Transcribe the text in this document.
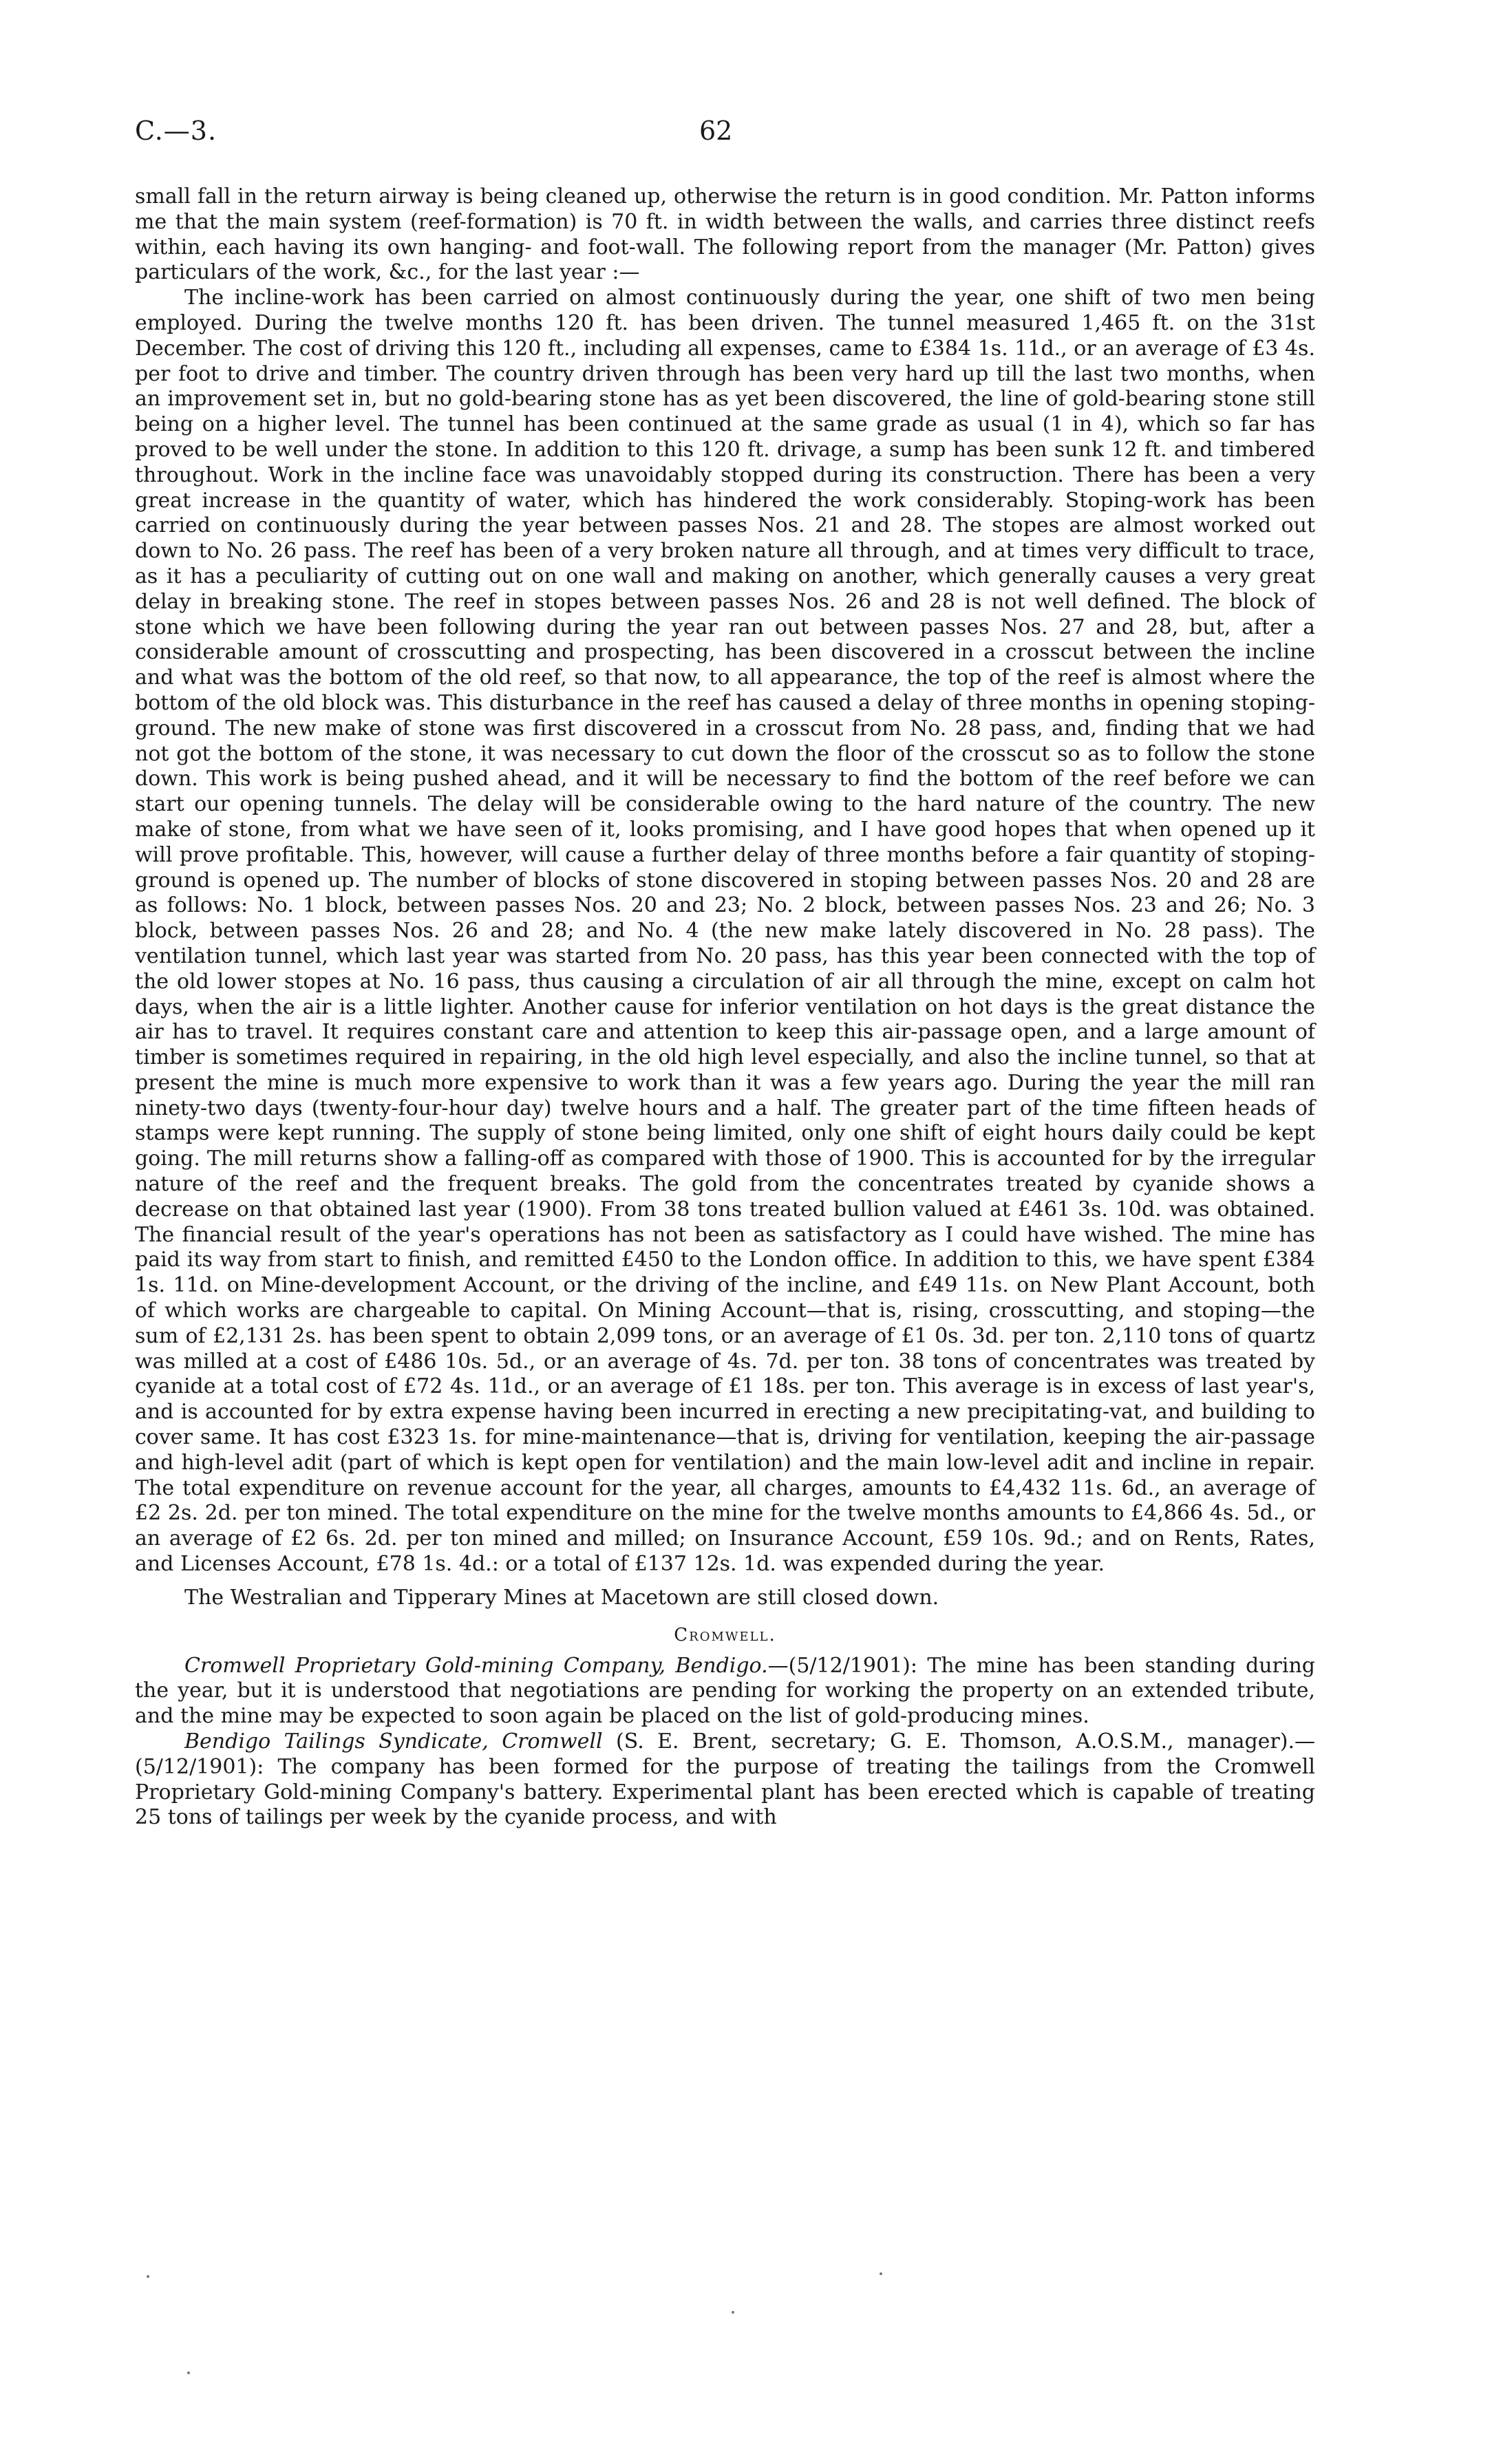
C.—3.	62

small fall in the return airway is being cleaned up, otherwise the return is in good condition. Mr. Patton informs me that the main system (reef-formation) is 70 ft. in width between the walls, and carries three distinct reefs within, each having its own hanging- and foot-wall. The following report from the manager (Mr. Patton) gives particulars of the work, &c., for the last year :—

The incline-work has been carried on almost continuously during the year, one shift of two men being employed. During the twelve months 120 ft. has been driven. The tunnel measured 1,465 ft. on the 31st December. The cost of driving this 120 ft., including all expenses, came to £384 1s. 11d., or an average of £3 4s. per foot to drive and timber. The country driven through has been very hard up till the last two months, when an improvement set in, but no gold-bearing stone has as yet been discovered, the line of gold-bearing stone still being on a higher level. The tunnel has been continued at the same grade as usual (1 in 4), which so far has proved to be well under the stone. In addition to this 120 ft. drivage, a sump has been sunk 12 ft. and timbered throughout. Work in the incline face was unavoidably stopped during its construction. There has been a very great increase in the quantity of water, which has hindered the work considerably. Stoping-work has been carried on continuously during the year between passes Nos. 21 and 28. The stopes are almost worked out down to No. 26 pass. The reef has been of a very broken nature all through, and at times very difficult to trace, as it has a peculiarity of cutting out on one wall and making on another, which generally causes a very great delay in breaking stone. The reef in stopes between passes Nos. 26 and 28 is not well defined. The block of stone which we have been following during the year ran out between passes Nos. 27 and 28, but, after a considerable amount of crosscutting and prospecting, has been discovered in a crosscut between the incline and what was the bottom of the old reef, so that now, to all appearance, the top of the reef is almost where the bottom of the old block was. This disturbance in the reef has caused a delay of three months in opening stoping-ground. The new make of stone was first discovered in a crosscut from No. 28 pass, and, finding that we had not got the bottom of the stone, it was necessary to cut down the floor of the crosscut so as to follow the stone down. This work is being pushed ahead, and it will be necessary to find the bottom of the reef before we can start our opening tunnels. The delay will be considerable owing to the hard nature of the country. The new make of stone, from what we have seen of it, looks promising, and I have good hopes that when opened up it will prove profitable. This, however, will cause a further delay of three months before a fair quantity of stoping-ground is opened up. The number of blocks of stone discovered in stoping between passes Nos. 20 and 28 are as follows: No. 1 block, between passes Nos. 20 and 23; No. 2 block, between passes Nos. 23 and 26; No. 3 block, between passes Nos. 26 and 28; and No. 4 (the new make lately discovered in No. 28 pass). The ventilation tunnel, which last year was started from No. 20 pass, has this year been connected with the top of the old lower stopes at No. 16 pass, thus causing a circulation of air all through the mine, except on calm hot days, when the air is a little lighter. Another cause for inferior ventilation on hot days is the great distance the air has to travel. It requires constant care and attention to keep this air-passage open, and a large amount of timber is sometimes required in repairing, in the old high level especially, and also the incline tunnel, so that at present the mine is much more expensive to work than it was a few years ago. During the year the mill ran ninety-two days (twenty-four-hour day) twelve hours and a half. The greater part of the time fifteen heads of stamps were kept running. The supply of stone being limited, only one shift of eight hours daily could be kept going. The mill returns show a falling-off as compared with those of 1900. This is accounted for by the irregular nature of the reef and the frequent breaks. The gold from the concentrates treated by cyanide shows a decrease on that obtained last year (1900). From 38 tons treated bullion valued at £461 3s. 10d. was obtained. The financial result of the year's operations has not been as satisfactory as I could have wished. The mine has paid its way from start to finish, and remitted £450 to the London office. In addition to this, we have spent £384 1s. 11d. on Mine-development Account, or the driving of the incline, and £49 11s. on New Plant Account, both of which works are chargeable to capital. On Mining Account—that is, rising, crosscutting, and stoping—the sum of £2,131 2s. has been spent to obtain 2,099 tons, or an average of £1 0s. 3d. per ton. 2,110 tons of quartz was milled at a cost of £486 10s. 5d., or an average of 4s. 7d. per ton. 38 tons of concentrates was treated by cyanide at a total cost of £72 4s. 11d., or an average of £1 18s. per ton. This average is in excess of last year's, and is accounted for by extra expense having been incurred in erecting a new precipitating-vat, and building to cover same. It has cost £323 1s. for mine-maintenance—that is, driving for ventilation, keeping the air-passage and high-level adit (part of which is kept open for ventilation) and the main low-level adit and incline in repair. The total expenditure on revenue account for the year, all charges, amounts to £4,432 11s. 6d., an average of £2 2s. 2d. per ton mined. The total expenditure on the mine for the twelve months amounts to £4,866 4s. 5d., or an average of £2 6s. 2d. per ton mined and milled; on Insurance Account, £59 10s. 9d.; and on Rents, Rates, and Licenses Account, £78 1s. 4d.: or a total of £137 12s. 1d. was expended during the year.

The Westralian and Tipperary Mines at Macetown are still closed down.

Cromwell.

Cromwell Proprietary Gold-mining Company, Bendigo.—(5/12/1901): The mine has been standing during the year, but it is understood that negotiations are pending for working the property on an extended tribute, and the mine may be expected to soon again be placed on the list of gold-producing mines.

Bendigo Tailings Syndicate, Cromwell (S. E. Brent, secretary; G. E. Thomson, A.O.S.M., manager).—(5/12/1901): The company has been formed for the purpose of treating the tailings from the Cromwell Proprietary Gold-mining Company's battery. Experimental plant has been erected which is capable of treating 25 tons of tailings per week by the cyanide process, and with
